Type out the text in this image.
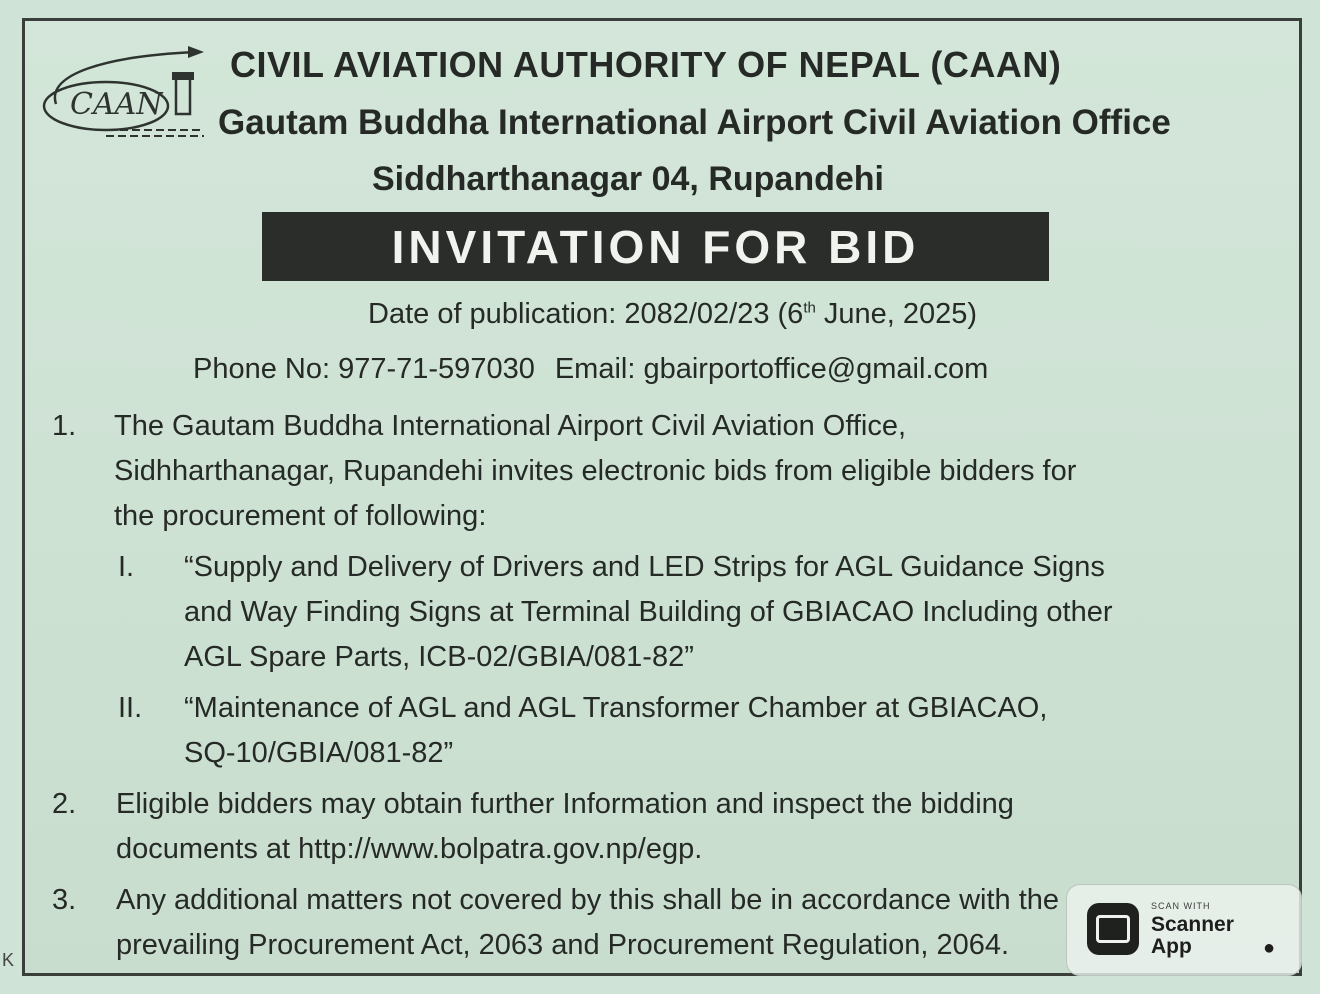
CAAN
CIVIL AVIATION AUTHORITY OF NEPAL (CAAN)
Gautam Buddha International Airport Civil Aviation Office
Siddharthanagar 04, Rupandehi
INVITATION FOR BID
Date of publication: 2082/02/23 (6th June, 2025)
Phone No: 977-71-597030 Email: gbairportoffice@gmail.com
1. The Gautam Buddha International Airport Civil Aviation Office,
Sidhharthanagar, Rupandehi invites electronic bids from eligible bidders for
the procurement of following:
I. “Supply and Delivery of Drivers and LED Strips for AGL Guidance Signs
and Way Finding Signs at Terminal Building of GBIACAO Including other
AGL Spare Parts, ICB-02/GBIA/081-82”
II. “Maintenance of AGL and AGL Transformer Chamber at GBIACAO,
SQ-10/GBIA/081-82”
2. Eligible bidders may obtain further Information and inspect the bidding
documents at http://www.bolpatra.gov.np/egp.
3. Any additional matters not covered by this shall be in accordance with the
prevailing Procurement Act, 2063 and Procurement Regulation, 2064.
SCAN WITH
Scanner
App	●
K
